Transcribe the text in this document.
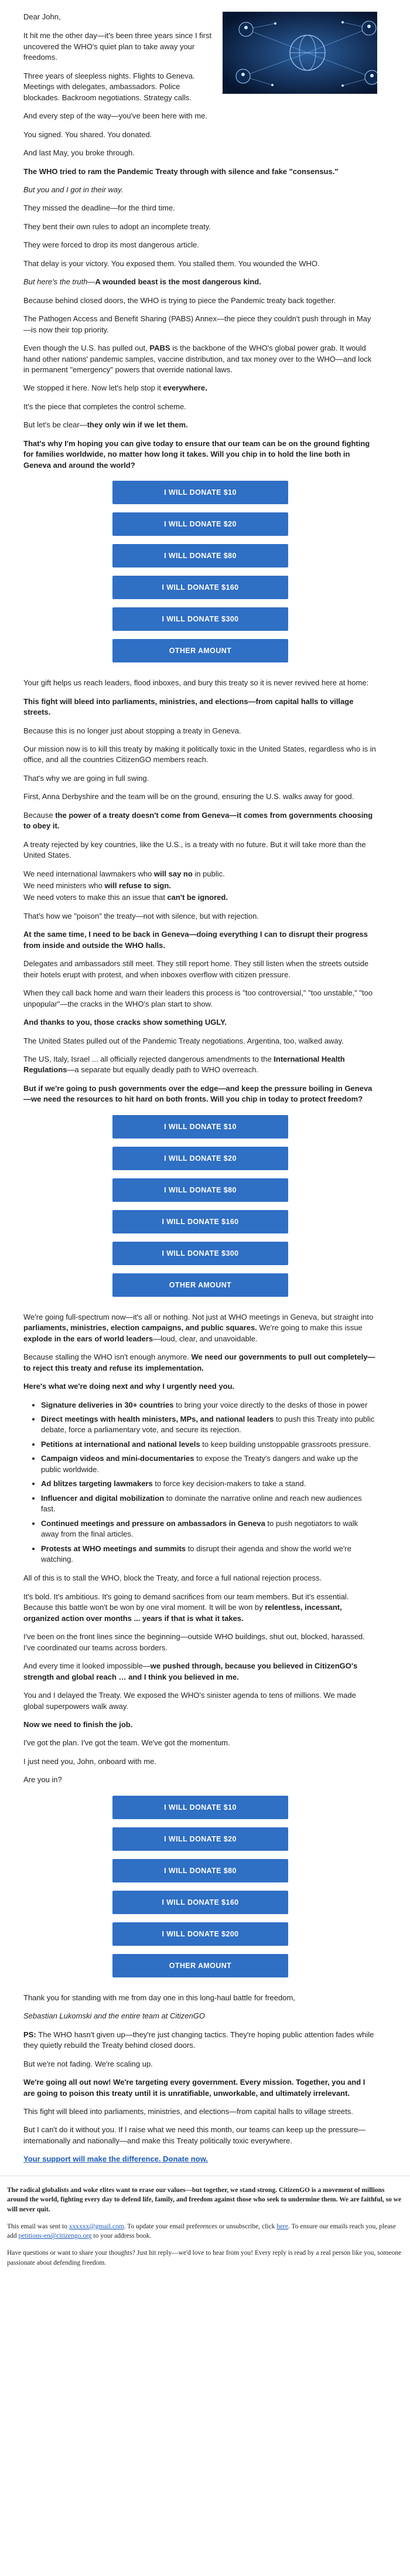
Dear John,

It hit me the other day—it's been three years since I first uncovered the WHO's quiet plan to take away your freedoms.

Three years of sleepless nights. Flights to Geneva. Meetings with delegates, ambassadors. Police blockades. Backroom negotiations. Strategy calls.

And every step of the way—you've been here with me.

You signed. You shared. You donated.

And last May, you broke through.

The WHO tried to ram the Pandemic Treaty through with silence and fake "consensus."

But you and I got in their way.

They missed the deadline—for the third time.

They bent their own rules to adopt an incomplete treaty.

They were forced to drop its most dangerous article.

That delay is your victory. You exposed them. You stalled them. You wounded the WHO.

But here's the truth—A wounded beast is the most dangerous kind.

Because behind closed doors, the WHO is trying to piece the Pandemic treaty back together.

The Pathogen Access and Benefit Sharing (PABS) Annex—the piece they couldn't push through in May—is now their top priority.

Even though the U.S. has pulled out, PABS is the backbone of the WHO's global power grab. It would hand other nations' pandemic samples, vaccine distribution, and tax money over to the WHO—and lock in permanent "emergency" powers that override national laws.

We stopped it here. Now let's help stop it everywhere.

It's the piece that completes the control scheme.

But let's be clear—they only win if we let them.

That's why I'm hoping you can give today to ensure that our team can be on the ground fighting for families worldwide, no matter how long it takes. Will you chip in to hold the line both in Geneva and around the world?

I WILL DONATE $10
I WILL DONATE $20
I WILL DONATE $80
I WILL DONATE $160
I WILL DONATE $300
OTHER AMOUNT

Your gift helps us reach leaders, flood inboxes, and bury this treaty so it is never revived here at home:

This fight will bleed into parliaments, ministries, and elections—from capital halls to village streets.

Because this is no longer just about stopping a treaty in Geneva.

Our mission now is to kill this treaty by making it politically toxic in the United States, regardless who is in office, and all the countries CitizenGO members reach.

That's why we are going in full swing.

First, Anna Derbyshire and the team will be on the ground, ensuring the U.S. walks away for good.

Because the power of a treaty doesn't come from Geneva—it comes from governments choosing to obey it.

A treaty rejected by key countries, like the U.S., is a treaty with no future. But it will take more than the United States.

We need international lawmakers who will say no in public.

We need ministers who will refuse to sign.

We need voters to make this an issue that can't be ignored.

That's how we "poison" the treaty—not with silence, but with rejection.

At the same time, I need to be back in Geneva—doing everything I can to disrupt their progress from inside and outside the WHO halls.

Delegates and ambassadors still meet. They still report home. They still listen when the streets outside their hotels erupt with protest, and when inboxes overflow with citizen pressure.

When they call back home and warn their leaders this process is "too controversial," "too unstable," "too unpopular"—the cracks in the WHO's plan start to show.

And thanks to you, those cracks show something UGLY.

The United States pulled out of the Pandemic Treaty negotiations. Argentina, too, walked away.

The US, Italy, Israel ... all officially rejected dangerous amendments to the International Health Regulations—a separate but equally deadly path to WHO overreach.

But if we're going to push governments over the edge—and keep the pressure boiling in Geneva—we need the resources to hit hard on both fronts. Will you chip in today to protect freedom?

I WILL DONATE $10
I WILL DONATE $20
I WILL DONATE $80
I WILL DONATE $160
I WILL DONATE $300
OTHER AMOUNT

We're going full-spectrum now—it's all or nothing. Not just at WHO meetings in Geneva, but straight into parliaments, ministries, election campaigns, and public squares. We're going to make this issue explode in the ears of world leaders—loud, clear, and unavoidable.

Because stalling the WHO isn't enough anymore. We need our governments to pull out completely—to reject this treaty and refuse its implementation.

Here's what we're doing next and why I urgently need you.

• Signature deliveries in 30+ countries to bring your voice directly to the desks of those in power
• Direct meetings with health ministers, MPs, and national leaders to push this Treaty into public debate, force a parliamentary vote, and secure its rejection.
• Petitions at international and national levels to keep building unstoppable grassroots pressure.
• Campaign videos and mini-documentaries to expose the Treaty's dangers and wake up the public worldwide.
• Ad blitzes targeting lawmakers to force key decision-makers to take a stand.
• Influencer and digital mobilization to dominate the narrative online and reach new audiences fast.
• Continued meetings and pressure on ambassadors in Geneva to push negotiators to walk away from the final articles.
• Protests at WHO meetings and summits to disrupt their agenda and show the world we're watching.

All of this is to stall the WHO, block the Treaty, and force a full national rejection process.

It's bold. It's ambitious. It's going to demand sacrifices from our team members. But it's essential. Because this battle won't be won by one viral moment. It will be won by relentless, incessant, organized action over months ... years if that is what it takes.

I've been on the front lines since the beginning—outside WHO buildings, shut out, blocked, harassed. I've coordinated our teams across borders.

And every time it looked impossible—we pushed through, because you believed in CitizenGO's strength and global reach … and I think you believed in me.

You and I delayed the Treaty. We exposed the WHO's sinister agenda to tens of millions. We made global superpowers walk away.

Now we need to finish the job.

I've got the plan. I've got the team. We've got the momentum.

I just need you, John, onboard with me.

Are you in?

I WILL DONATE $10
I WILL DONATE $20
I WILL DONATE $80
I WILL DONATE $160
I WILL DONATE $200
OTHER AMOUNT

Thank you for standing with me from day one in this long-haul battle for freedom,

Sebastian Lukomski and the entire team at CitizenGO

PS: The WHO hasn't given up—they're just changing tactics. They're hoping public attention fades while they quietly rebuild the Treaty behind closed doors.

But we're not fading. We're scaling up.

We're going all out now! We're targeting every government. Every mission. Together, you and I are going to poison this treaty until it is unratifiable, unworkable, and ultimately irrelevant.

This fight will bleed into parliaments, ministries, and elections—from capital halls to village streets.

But I can't do it without you. If I raise what we need this month, our teams can keep up the pressure—internationally and nationally—and make this Treaty politically toxic everywhere.

Your support will make the difference. Donate now.

The radical globalists and woke elites want to erase our values—but together, we stand strong. CitizenGO is a movement of millions around the world, fighting every day to defend life, family, and freedom against those who seek to undermine them. We are faithful, so we will never quit.

This email was sent to xxxxxx@gmail.com. To update your email preferences or unsubscribe, click here. To ensure our emails reach you, please add petitions-en@citizengo.org to your address book.

Have questions or want to share your thoughts? Just hit reply—we'd love to hear from you! Every reply is read by a real person like you, someone passionate about defending freedom.
